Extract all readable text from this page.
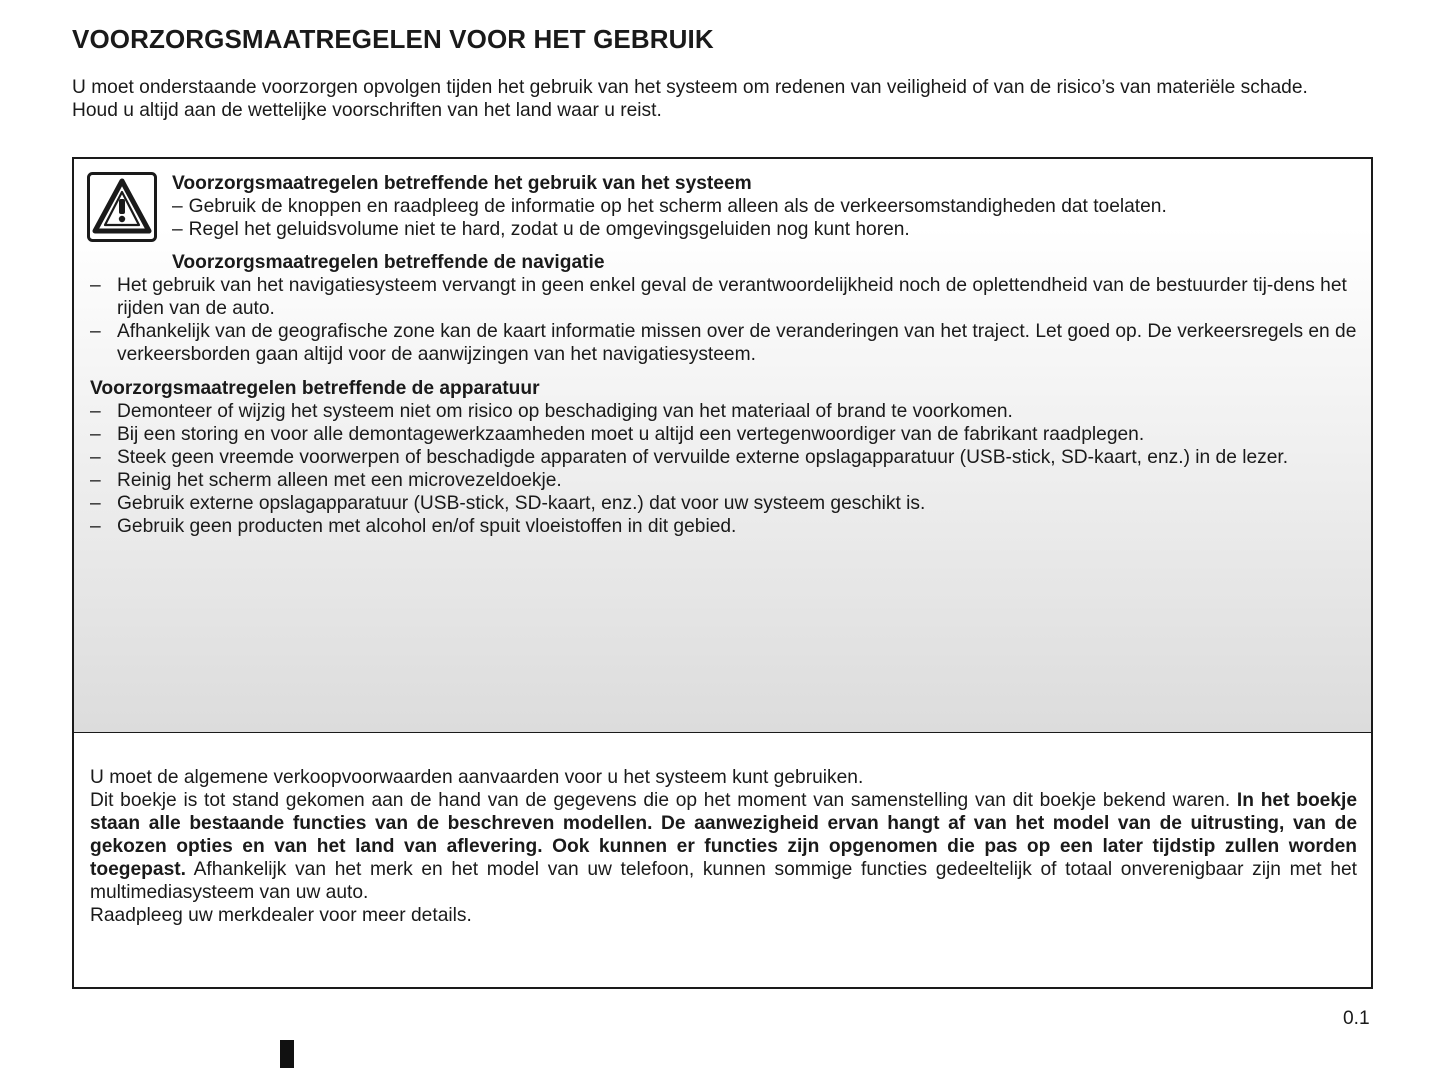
VOORZORGSMAATREGELEN VOOR HET GEBRUIK

U moet onderstaande voorzorgen opvolgen tijden het gebruik van het systeem om redenen van veiligheid of van de risico’s van materiële schade.

Houd u altijd aan de wettelijke voorschriften van het land waar u reist.

Voorzorgsmaatregelen betreffende het gebruik van het systeem
– Gebruik de knoppen en raadpleeg de informatie op het scherm alleen als de verkeersomstandigheden dat toelaten.
– Regel het geluidsvolume niet te hard, zodat u de omgevingsgeluiden nog kunt horen.
Voorzorgsmaatregelen betreffende de navigatie
– Het gebruik van het navigatiesysteem vervangt in geen enkel geval de verantwoordelijkheid noch de oplettendheid van de bestuurder tij-dens het rijden van de auto.
– Afhankelijk van de geografische zone kan de kaart informatie missen over de veranderingen van het traject. Let goed op. De verkeersregels en de verkeersborden gaan altijd voor de aanwijzingen van het navigatiesysteem.
Voorzorgsmaatregelen betreffende de apparatuur
– Demonteer of wijzig het systeem niet om risico op beschadiging van het materiaal of brand te voorkomen.
– Bij een storing en voor alle demontagewerkzaamheden moet u altijd een vertegenwoordiger van de fabrikant raadplegen.
– Steek geen vreemde voorwerpen of beschadigde apparaten of vervuilde externe opslagapparatuur (USB-stick, SD-kaart, enz.) in de lezer.
– Reinig het scherm alleen met een microvezeldoekje.
– Gebruik externe opslagapparatuur (USB-stick, SD-kaart, enz.) dat voor uw systeem geschikt is.
– Gebruik geen producten met alcohol en/of spuit vloeistoffen in dit gebied.

U moet de algemene verkoopvoorwaarden aanvaarden voor u het systeem kunt gebruiken.

Dit boekje is tot stand gekomen aan de hand van de gegevens die op het moment van samenstelling van dit boekje bekend waren. In het boekje staan alle bestaande functies van de beschreven modellen. De aanwezigheid ervan hangt af van het model van de uitrusting, van de gekozen opties en van het land van aflevering. Ook kunnen er functies zijn opgenomen die pas op een later tijdstip zullen worden toegepast. Afhankelijk van het merk en het model van uw telefoon, kunnen sommige functies gedeeltelijk of totaal onverenigbaar zijn met het multimediasysteem van uw auto.

Raadpleeg uw merkdealer voor meer details.

0.1
